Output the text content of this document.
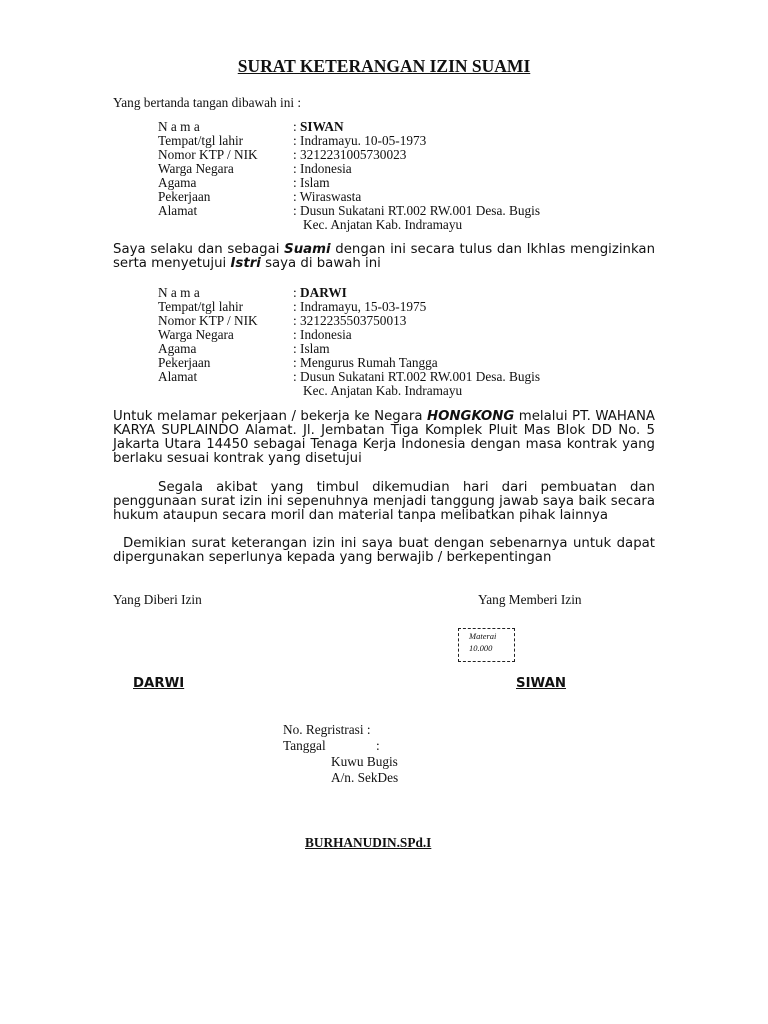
SURAT KETERANGAN IZIN SUAMI
Yang bertanda tangan dibawah ini :
N a m a	: SIWAN
Tempat/tgl lahir	: Indramayu. 10-05-1973
Nomor KTP / NIK	: 3212231005730023
Warga Negara	: Indonesia
Agama	: Islam
Pekerjaan	: Wiraswasta
Alamat	: Dusun Sukatani RT.002 RW.001 Desa. Bugis
Kec. Anjatan Kab. Indramayu
Saya selaku dan sebagai Suami dengan ini secara tulus dan Ikhlas mengizinkan serta menyetujui Istri saya di bawah ini
N a m a	: DARWI
Tempat/tgl lahir	: Indramayu, 15-03-1975
Nomor KTP / NIK	: 3212235503750013
Warga Negara	: Indonesia
Agama	: Islam
Pekerjaan	: Mengurus Rumah Tangga
Alamat	: Dusun Sukatani RT.002 RW.001 Desa. Bugis
Kec. Anjatan Kab. Indramayu
Untuk melamar pekerjaan / bekerja ke Negara HONGKONG melalui PT. WAHANA KARYA SUPLAINDO Alamat. Jl. Jembatan Tiga Komplek Pluit Mas Blok DD No. 5 Jakarta Utara 14450 sebagai Tenaga Kerja Indonesia dengan masa kontrak yang berlaku sesuai kontrak yang disetujui
Segala akibat yang timbul dikemudian hari dari pembuatan dan penggunaan surat izin ini sepenuhnya menjadi tanggung jawab saya baik secara hukum ataupun secara moril dan material tanpa melibatkan pihak lainnya
Demikian surat keterangan izin ini saya buat dengan sebenarnya untuk dapat dipergunakan seperlunya kepada yang berwajib / berkepentingan
Yang Diberi Izin	Yang Memberi Izin
Materai
10.000
DARWI	SIWAN
No. Regristrasi :
Tanggal	:
Kuwu Bugis
A/n. SekDes
BURHANUDIN.SPd.I
